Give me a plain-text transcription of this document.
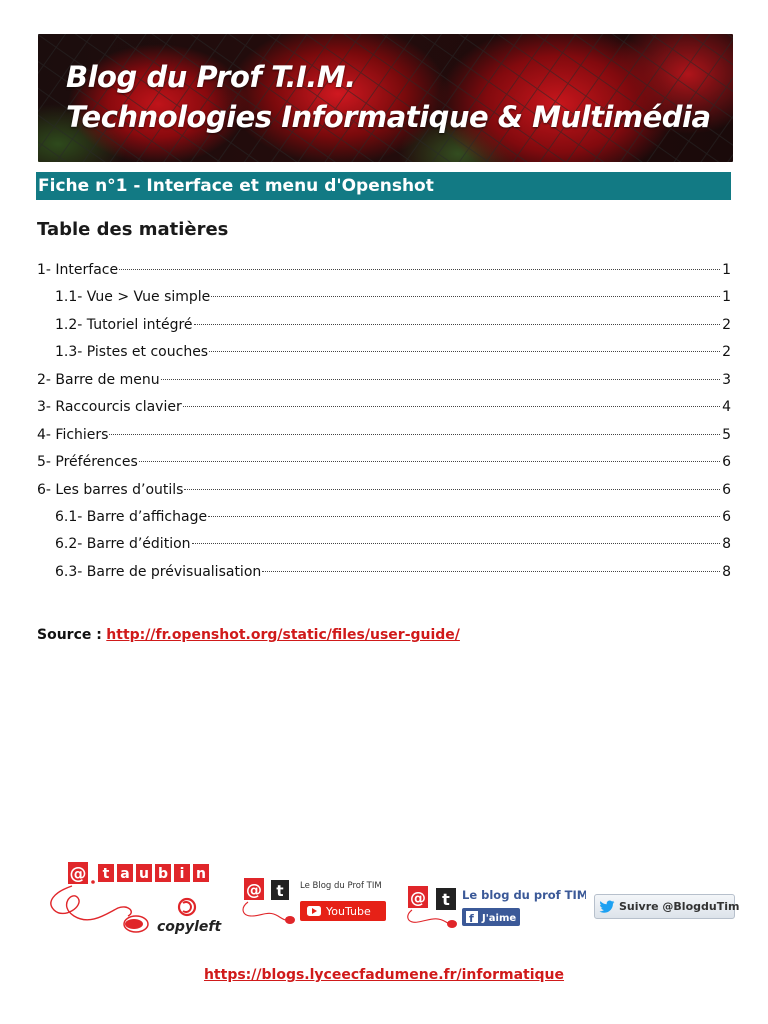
Blog du Prof T.I.M.
Technologies Informatique & Multimédia
Fiche n°1 - Interface et menu d'Openshot
Table des matières
1- Interface	1
1.1- Vue > Vue simple	1
1.2- Tutoriel intégré	2
1.3- Pistes et couches	2
2- Barre de menu	3
3- Raccourcis clavier	4
4- Fichiers	5
5- Préférences	6
6- Les barres d’outils	6
6.1- Barre d’affichage	6
6.2- Barre d’édition	8
6.3- Barre de prévisualisation	8
Source : http://fr.openshot.org/static/files/user-guide/
@ t a u b i n
copyleft
@ t Le Blog du Prof TIM
YouTube
@ t Le blog du prof TIM
f J'aime
Suivre @BlogduTim
https://blogs.lyceecfadumene.fr/informatique
